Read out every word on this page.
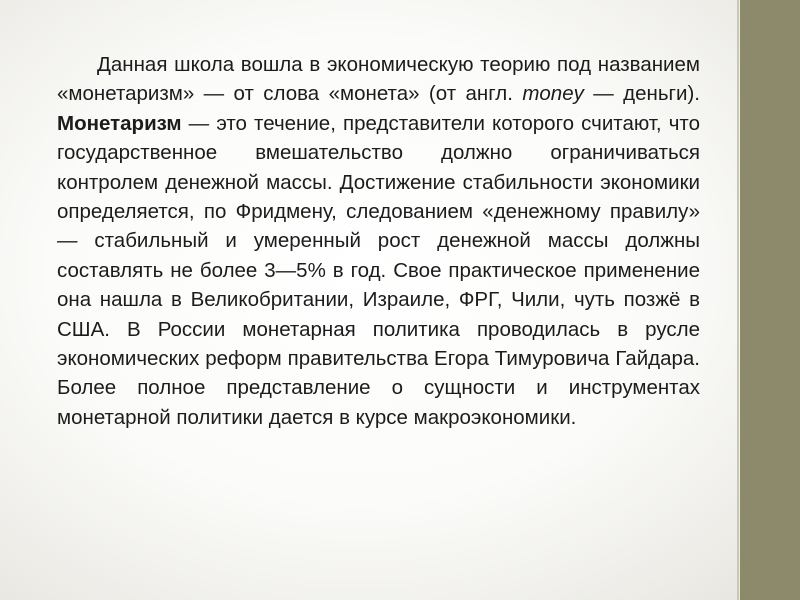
Данная школа вошла в экономическую теорию под названием «монетаризм» — от слова «монета» (от англ. money — деньги). Монетаризм — это течение, представители которого считают, что государственное вмешательство должно ограничиваться контролем денежной массы. Достижение стабильности экономики определяется, по Фридмену, следованием «денежному правилу» — стабильный и умеренный рост денежной массы должны составлять не более 3—5% в год. Свое практическое применение она нашла в Великобритании, Израиле, ФРГ, Чили, чуть позжё в США. В России монетарная политика проводилась в русле экономических реформ правительства Егора Тимуровича Гайдара. Более полное представление о сущности и инструментах монетарной политики дается в курсе макроэкономики.
